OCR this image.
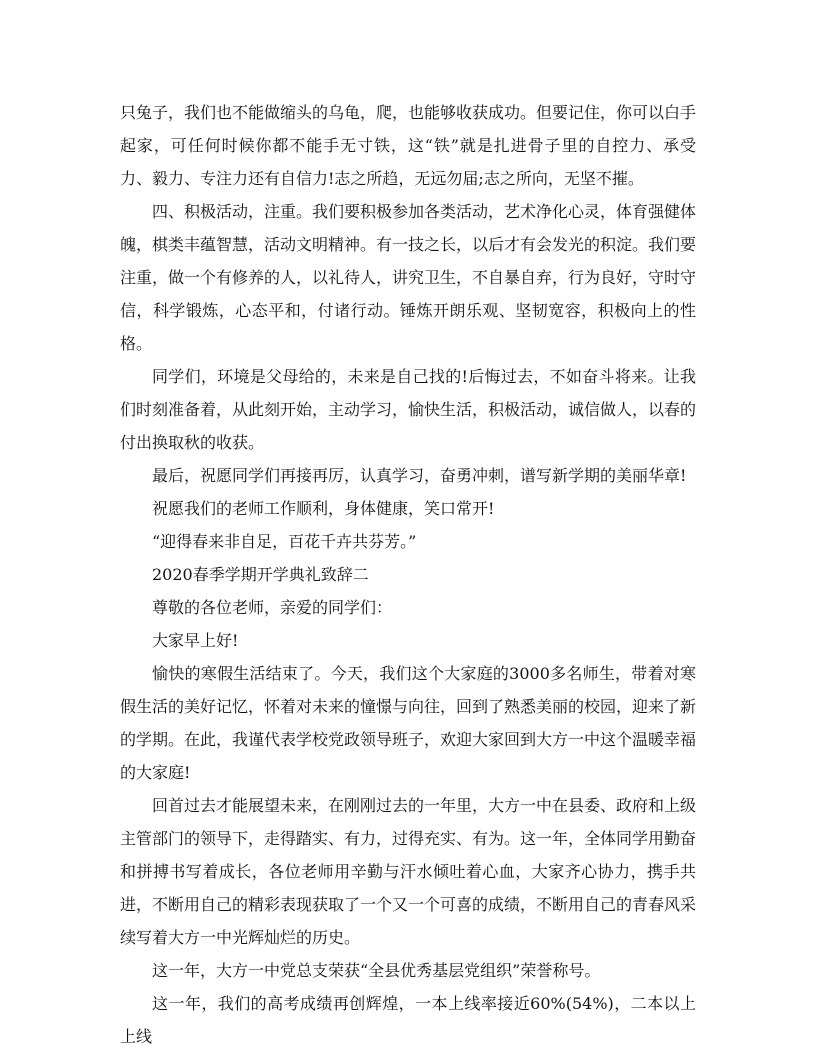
只兔子，我们也不能做缩头的乌龟，爬，也能够收获成功。但要记住，你可以白手起家，可任何时候你都不能手无寸铁，这“铁”就是扎进骨子里的自控力、承受力、毅力、专注力还有自信力!志之所趋，无远勿届;志之所向，无坚不摧。

四、积极活动，注重。我们要积极参加各类活动，艺术净化心灵，体育强健体魄，棋类丰蕴智慧，活动文明精神。有一技之长，以后才有会发光的积淀。我们要注重，做一个有修养的人，以礼待人，讲究卫生，不自暴自弃，行为良好，守时守信，科学锻炼，心态平和，付诸行动。锤炼开朗乐观、坚韧宽容，积极向上的性格。

同学们，环境是父母给的，未来是自己找的!后悔过去，不如奋斗将来。让我们时刻准备着，从此刻开始，主动学习，愉快生活，积极活动，诚信做人，以春的付出换取秋的收获。

最后，祝愿同学们再接再厉，认真学习，奋勇冲刺，谱写新学期的美丽华章!

祝愿我们的老师工作顺利，身体健康，笑口常开!

“迎得春来非自足，百花千卉共芬芳。”

2020春季学期开学典礼致辞二

尊敬的各位老师，亲爱的同学们：

大家早上好!

愉快的寒假生活结束了。今天，我们这个大家庭的3000多名师生，带着对寒假生活的美好记忆，怀着对未来的憧憬与向往，回到了熟悉美丽的校园，迎来了新的学期。在此，我谨代表学校党政领导班子，欢迎大家回到大方一中这个温暖幸福的大家庭!

回首过去才能展望未来，在刚刚过去的一年里，大方一中在县委、政府和上级主管部门的领导下，走得踏实、有力，过得充实、有为。这一年，全体同学用勤奋和拼搏书写着成长，各位老师用辛勤与汗水倾吐着心血，大家齐心协力，携手共进，不断用自己的精彩表现获取了一个又一个可喜的成绩，不断用自己的青春风采续写着大方一中光辉灿烂的历史。

这一年，大方一中党总支荣获“全县优秀基层党组织”荣誉称号。

这一年，我们的高考成绩再创辉煌，一本上线率接近60%(54%)，二本以上上线
